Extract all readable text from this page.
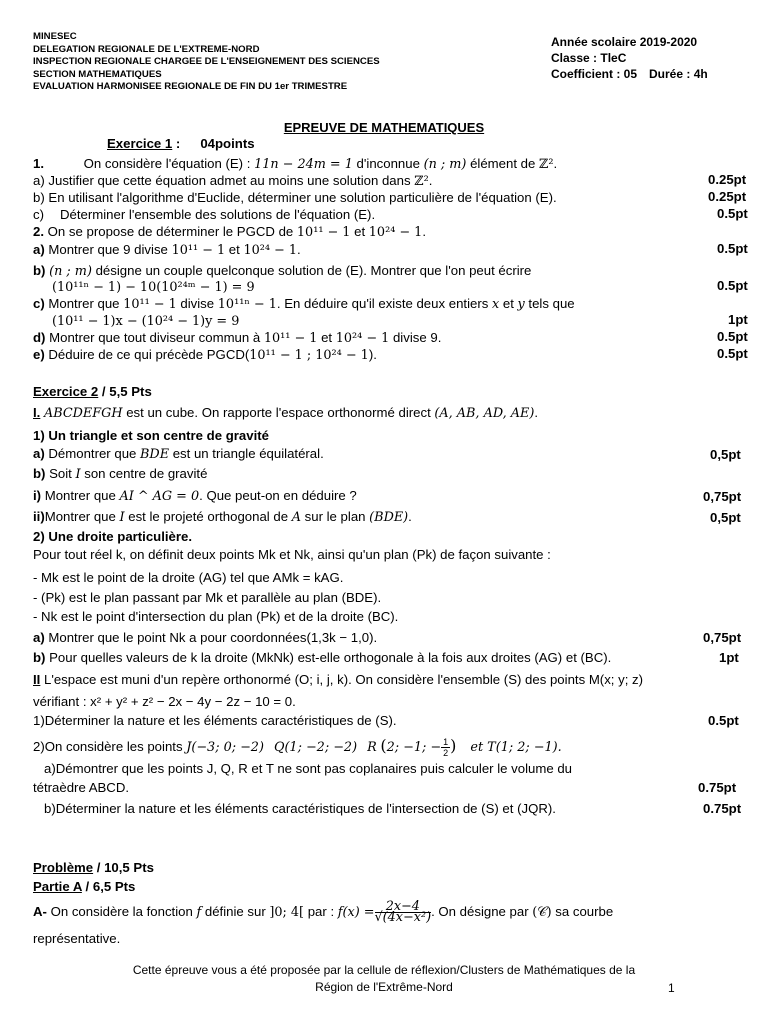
MINESEC
DELEGATION REGIONALE DE L'EXTREME-NORD
INSPECTION REGIONALE CHARGEE DE L'ENSEIGNEMENT DES SCIENCES
SECTION MATHEMATIQUES
EVALUATION HARMONISEE REGIONALE DE FIN DU 1er TRIMESTRE
Année scolaire 2019-2020
Classe : TleC
Coefficient : 05 Durée : 4h
EPREUVE DE MATHEMATIQUES
Exercice 1 : 04points
1.	On considère l'équation (E) : 11n − 24m = 1 d'inconnue (n ; m) élément de ℤ².
a) Justifier que cette équation admet au moins une solution dans ℤ².	0.25pt
b) En utilisant l'algorithme d'Euclide, déterminer une solution particulière de l'équation (E).	0.25pt
c) Déterminer l'ensemble des solutions de l'équation (E).	0.5pt
2. On se propose de déterminer le PGCD de 10¹¹ − 1 et 10²⁴ − 1.
a) Montrer que 9 divise 10¹¹ − 1 et 10²⁴ − 1.	0.5pt
b) (n ; m) désigne un couple quelconque solution de (E). Montrer que l'on peut écrire
(10¹¹ⁿ − 1) − 10(10²⁴ᵐ − 1) = 9	0.5pt
c) Montrer que 10¹¹ − 1 divise 10¹¹ⁿ − 1. En déduire qu'il existe deux entiers x et y tels que
(10¹¹ − 1)x − (10²⁴ − 1)y = 9	1pt
d) Montrer que tout diviseur commun à 10¹¹ − 1 et 10²⁴ − 1 divise 9.	0.5pt
e) Déduire de ce qui précède PGCD(10¹¹ − 1 ; 10²⁴ − 1).	0.5pt
Exercice 2 / 5,5 Pts
I. ABCDEFGH est un cube. On rapporte l'espace orthonormé direct (A, AB, AD, AE).
1) Un triangle et son centre de gravité
a) Démontrer que BDE est un triangle équilatéral.	0,5pt
b) Soit I son centre de gravité
i) Montrer que AI ^ AG = 0. Que peut-on en déduire ?	0,75pt
ii)Montrer que I est le projeté orthogonal de A sur le plan (BDE).	0,5pt
2) Une droite particulière.
Pour tout réel k, on définit deux points Mk et Nk, ainsi qu'un plan (Pk) de façon suivante :
- Mk est le point de la droite (AG) tel que AMk = kAG.
- (Pk) est le plan passant par Mk et parallèle au plan (BDE).
- Nk est le point d'intersection du plan (Pk) et de la droite (BC).
a) Montrer que le point Nk a pour coordonnées(1,3k − 1,0).	0,75pt
b) Pour quelles valeurs de k la droite (MkNk) est-elle orthogonale à la fois aux droites (AG) et (BC).	1pt
II L'espace est muni d'un repère orthonormé (O; i, j, k). On considère l'ensemble (S) des points M(x; y; z)
vérifiant : x² + y² + z² − 2x − 4y − 2z − 10 = 0.
1)Déterminer la nature et les éléments caractéristiques de (S).	0.5pt
2)On considère les points J(−3; 0; −2) Q(1; −2; −2) R (2; −1; − $\frac{1}{2}$ ) et T(1; 2; −1).
a)Démontrer que les points J, Q, R et T ne sont pas coplanaires puis calculer le volume du
tétraèdre ABCD.	0.75pt
b)Déterminer la nature et les éléments caractéristiques de l'intersection de (S) et (JQR).	0.75pt
Problème / 10,5 Pts
Partie A / 6,5 Pts
A- On considère la fonction f définie sur ]0; 4[ par : $f(x) = \frac{2x-4}{\text{√(4x−x²)}}$ . On désigne par (𝒞) sa courbe
représentative.
Cette épreuve vous a été proposée par la cellule de réflexion/Clusters de Mathématiques de la
Région de l'Extrême-Nord	1
